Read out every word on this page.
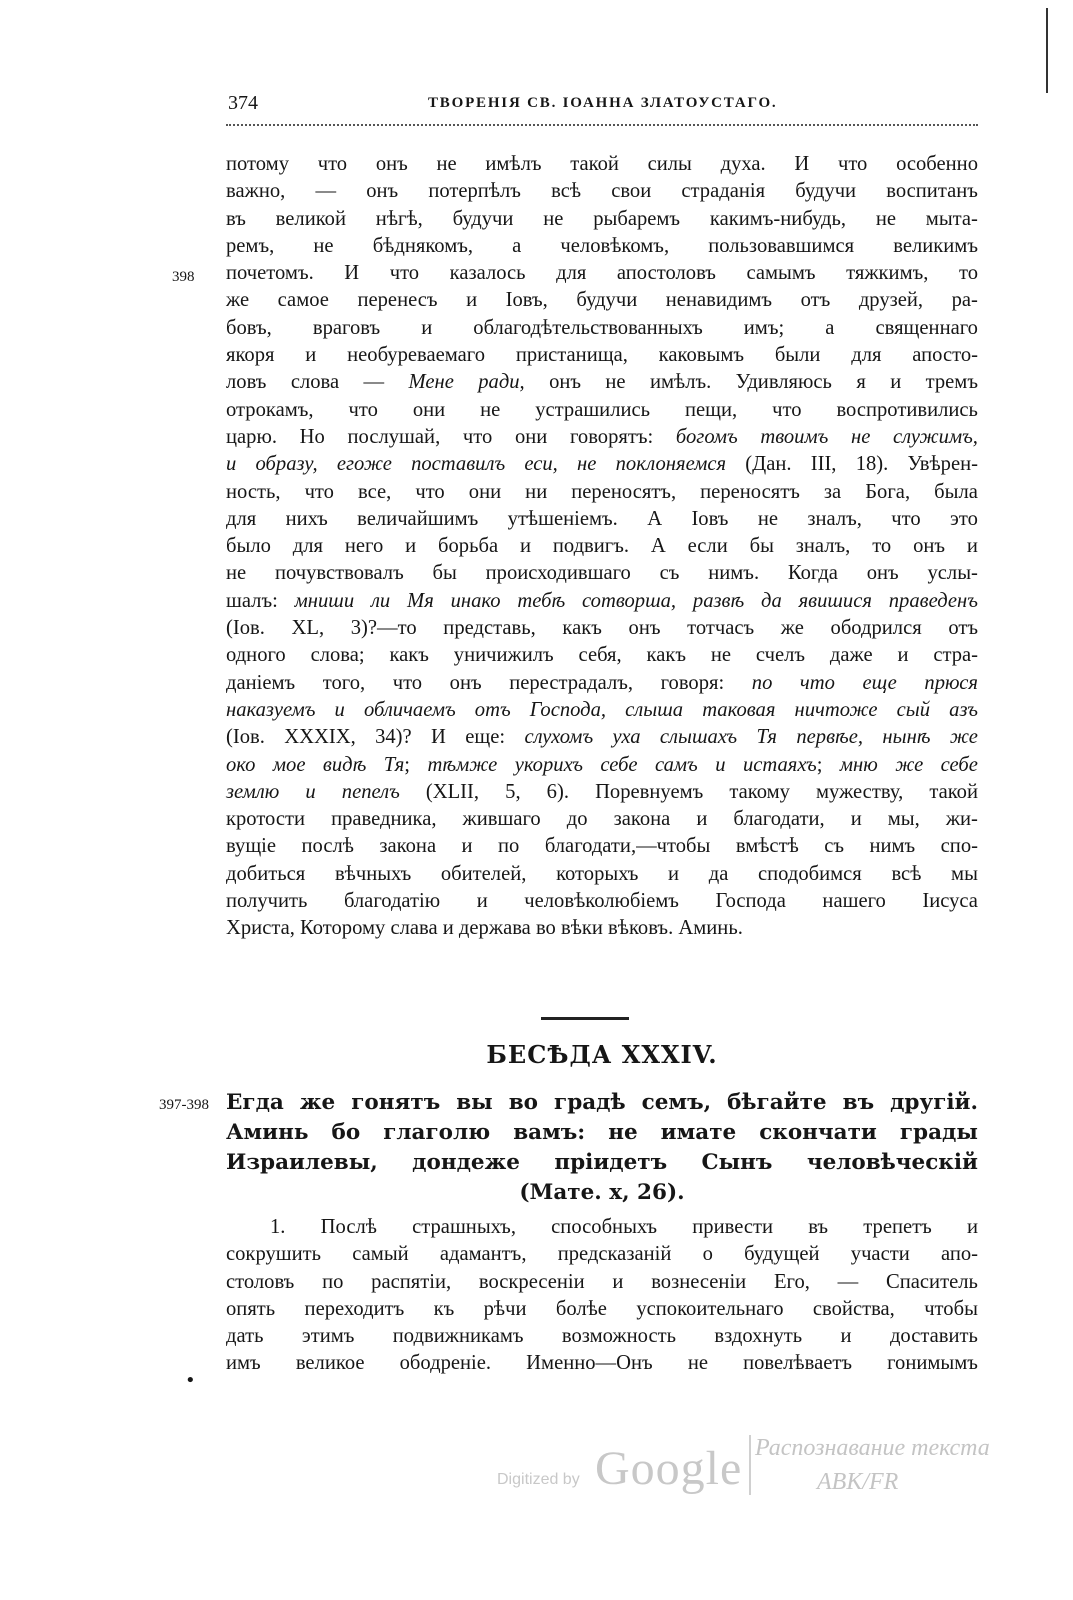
374	ТВОРЕНІЯ СВ. ІОАННА ЗЛАТОУСТАГО.
398
потому что онъ не имѣлъ такой силы духа. И что особенно
важно, — онъ потерпѣлъ всѣ свои страданія будучи воспитанъ
въ великой нѣгѣ, будучи не рыбаремъ какимъ-нибудь, не мыта-
ремъ, не бѣднякомъ, а человѣкомъ, пользовавшимся великимъ
почетомъ. И что казалось для апостоловъ самымъ тяжкимъ, то
же самое перенесъ и Іовъ, будучи ненавидимъ отъ друзей, ра-
бовъ, враговъ и облагодѣтельствованныхъ имъ; а священнаго
якоря и необуреваемаго пристанища, каковымъ были для апосто-
ловъ слова — Мене ради, онъ не имѣлъ. Удивляюсь я и тремъ
отрокамъ, что они не устрашились пещи, что воспротивились
царю. Но послушай, что они говорятъ: богомъ твоимъ не служимъ,
и образу, егоже поставилъ еси, не поклоняемся (Дан. III, 18). Увѣрен-
ность, что все, что они ни переносятъ, переносятъ за Бога, была
для нихъ величайшимъ утѣшеніемъ. А Іовъ не зналъ, что это
было для него и борьба и подвигъ. А если бы зналъ, то онъ и
не почувствовалъ бы происходившаго съ нимъ. Когда онъ услы-
шалъ: мниши ли Мя инако тебѣ сотворша, развѣ да явишися праведенъ
(Іов. XL, 3)?—то представь, какъ онъ тотчасъ же ободрился отъ
одного слова; какъ уничижилъ себя, какъ не счелъ даже и стра-
даніемъ того, что онъ перестрадалъ, говоря: по что еще прюся
наказуемъ и обличаемъ отъ Господа, слыша таковая ничтоже сый азъ
(Іов. XXXIX, 34)? И еще: слухомъ уха слышахъ Тя первѣе, нынѣ же
око мое видѣ Тя; тѣмже укорихъ себе самъ и истаяхъ; мню же себе
землю и пепелъ (XLII, 5, 6). Поревнуемъ такому мужеству, такой
кротости праведника, жившаго до закона и благодати, и мы, жи-
вущіе послѣ закона и по благодати,—чтобы вмѣстѣ съ нимъ спо-
добиться вѣчныхъ обителей, которыхъ и да сподобимся всѣ мы
получить благодатію и человѣколюбіемъ Господа нашего Іисуса
Христа, Которому слава и держава во вѣки вѣковъ. Аминь.
БЕСѢДА XXXIV.
397-398 Егда же гонятъ вы во градѣ семъ, бѣгайте въ другій.
Аминь бо глаголю вамъ: не имате скончати грады
Израилевы, дондеже пріидетъ Сынъ человѣческій
(Мате. x, 26).
1. Послѣ страшныхъ, способныхъ привести въ трепетъ и
сокрушить самый адамантъ, предсказаній о будущей участи апо-
столовъ по распятіи, воскресеніи и вознесеніи Его, — Спаситель
опять переходитъ къ рѣчи болѣе успокоительнаго свойства, чтобы
дать этимъ подвижникамъ возможность вздохнуть и доставить
имъ великое ободреніе. Именно—Онъ не повелѣваетъ гонимымъ
•
Digitized by Google Распознавание текста
ABK/FR
